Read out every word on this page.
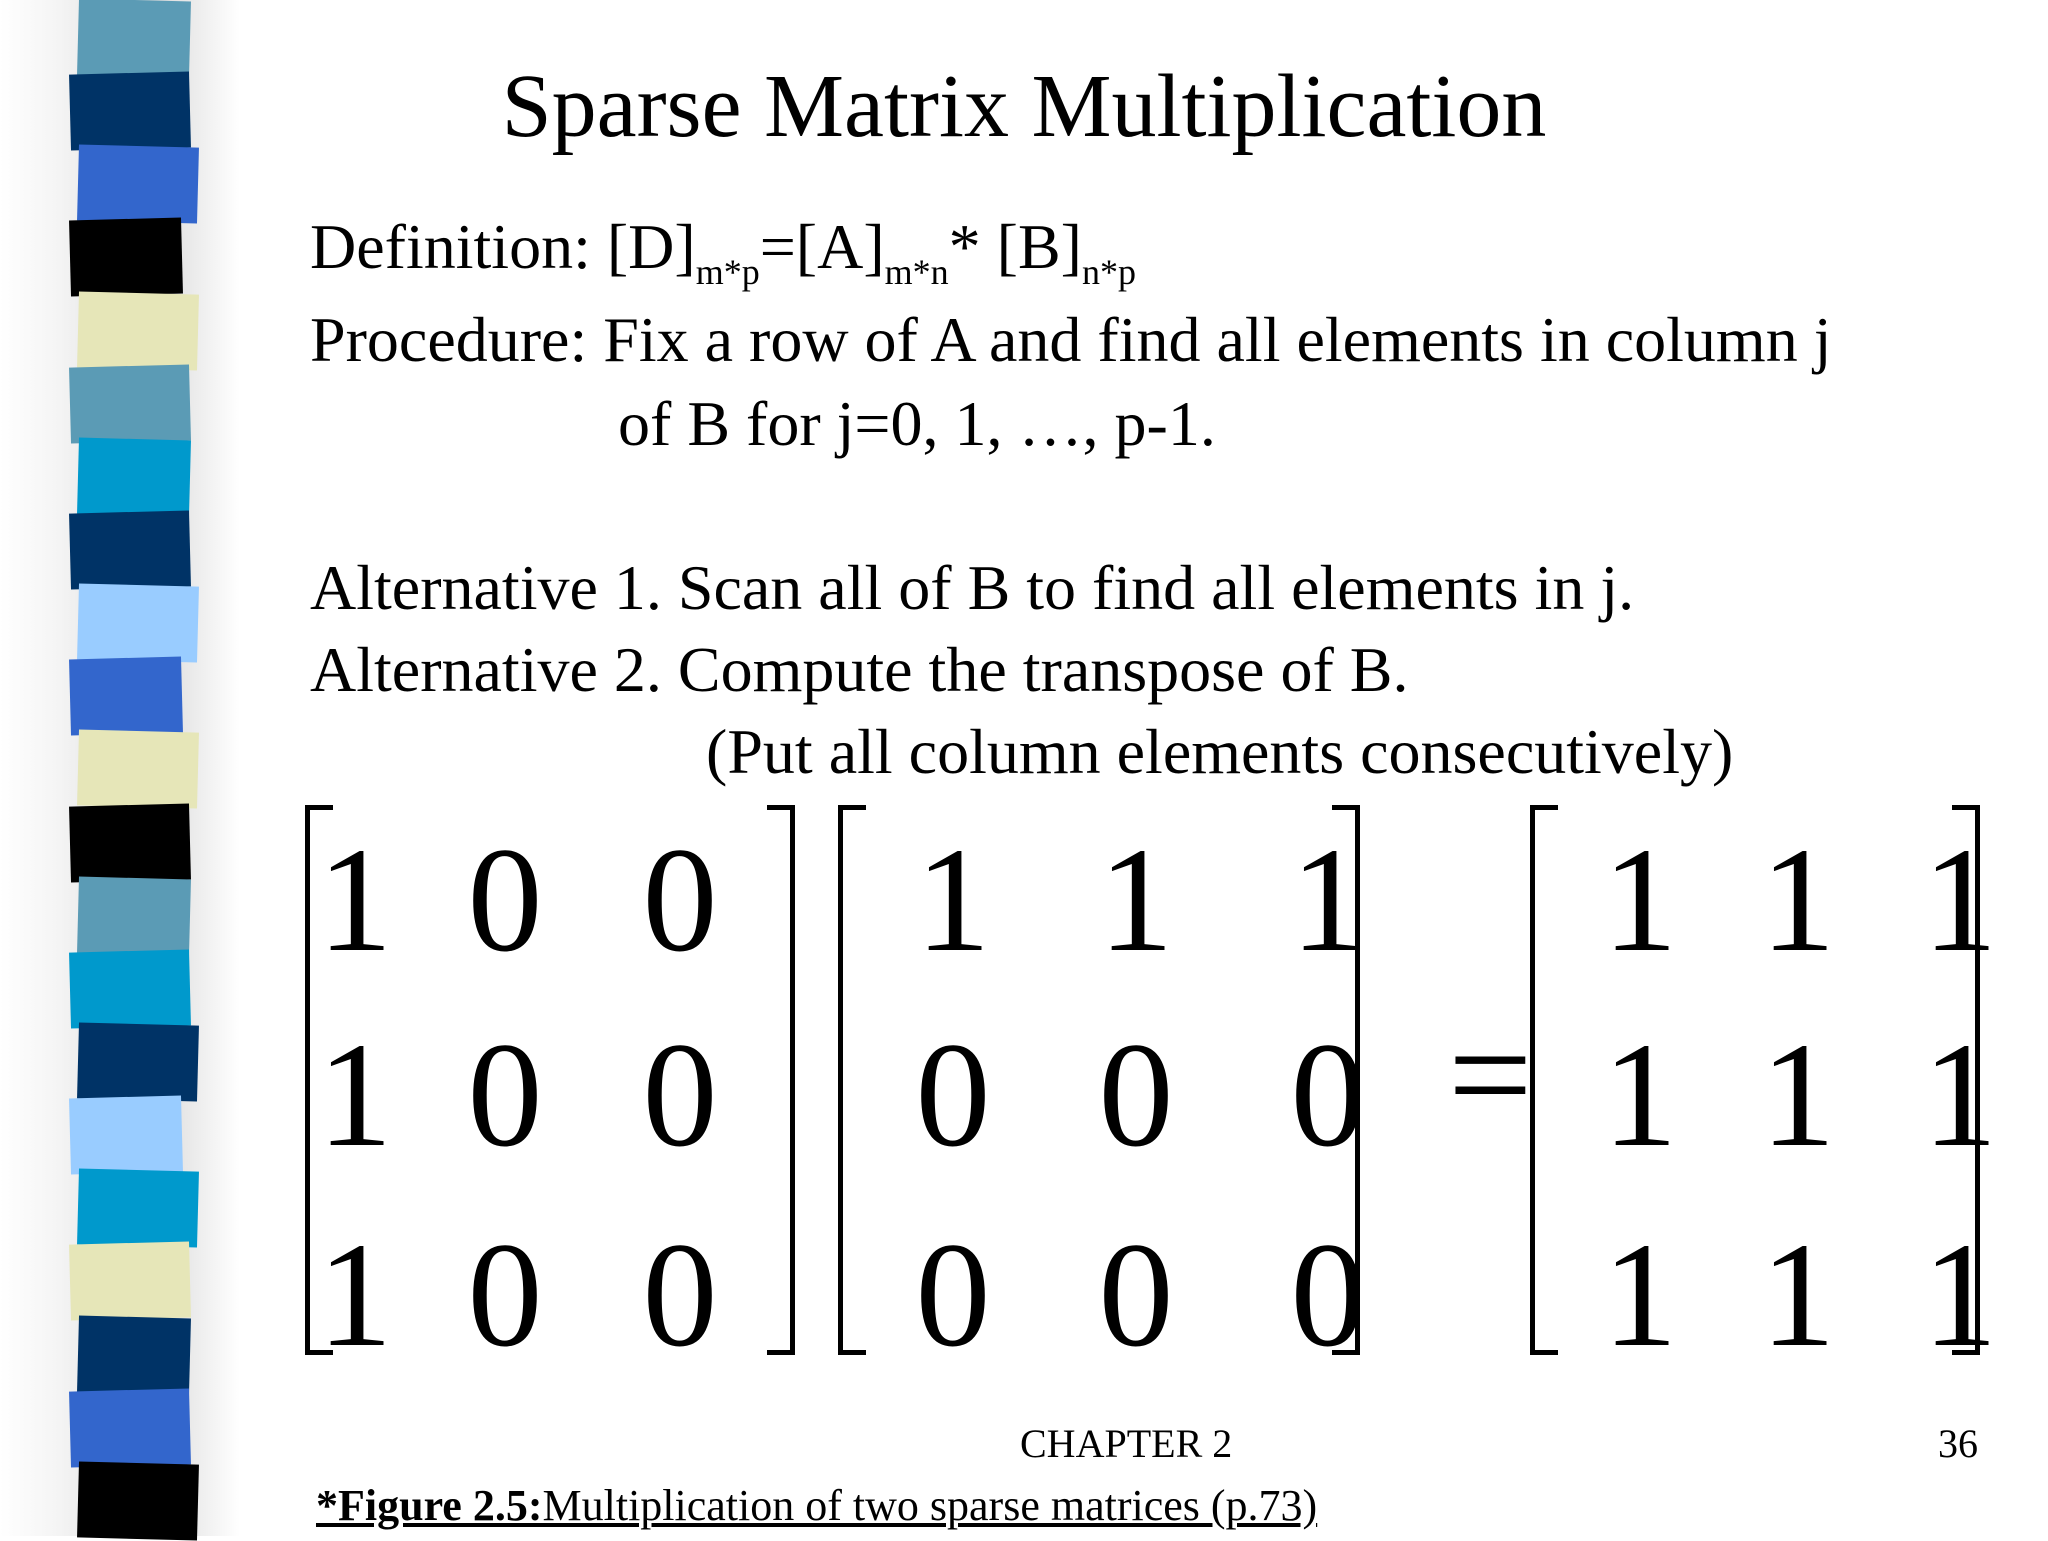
Sparse Matrix Multiplication
Definition: $[D]_{m*p}=[A]_{m*n}*$ $[B]_{n*p}$
Procedure: Fix a row of A and find all elements in column j
of B for j=0, 1, …, p-1.
Alternative 1. Scan all of B to find all elements in j.
Alternative 2. Compute the transpose of B.
(Put all column elements consecutively)
1 0 0
1 0 0
1 0 0
1 1 1
0 0 0
0 0 0
=
1 1 1
1 1 1
1 1 1
CHAPTER 2	36
*Figure 2.5:Multiplication of two sparse matrices (p.73)
